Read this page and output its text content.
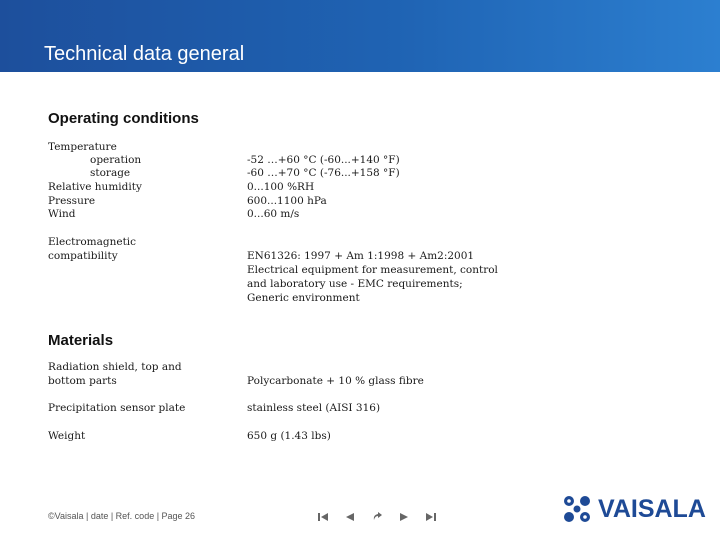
Technical data general
Operating conditions
Temperature
operation	-52 …+60 °C (-60...+140 °F)
storage	-60 …+70 °C (-76...+158 °F)
Relative humidity	0...100 %RH
Pressure	600...1100 hPa
Wind	0...60 m/s
Electromagnetic
compatibility	EN61326: 1997 + Am 1:1998 + Am2:2001
Electrical equipment for measurement, control
and laboratory use - EMC requirements;
Generic environment
Materials
Radiation shield, top and
bottom parts	Polycarbonate + 10 % glass fibre
Precipitation sensor plate	stainless steel (AISI 316)
Weight	650 g (1.43 lbs)
©Vaisala | date | Ref. code | Page 26	VAISALA
